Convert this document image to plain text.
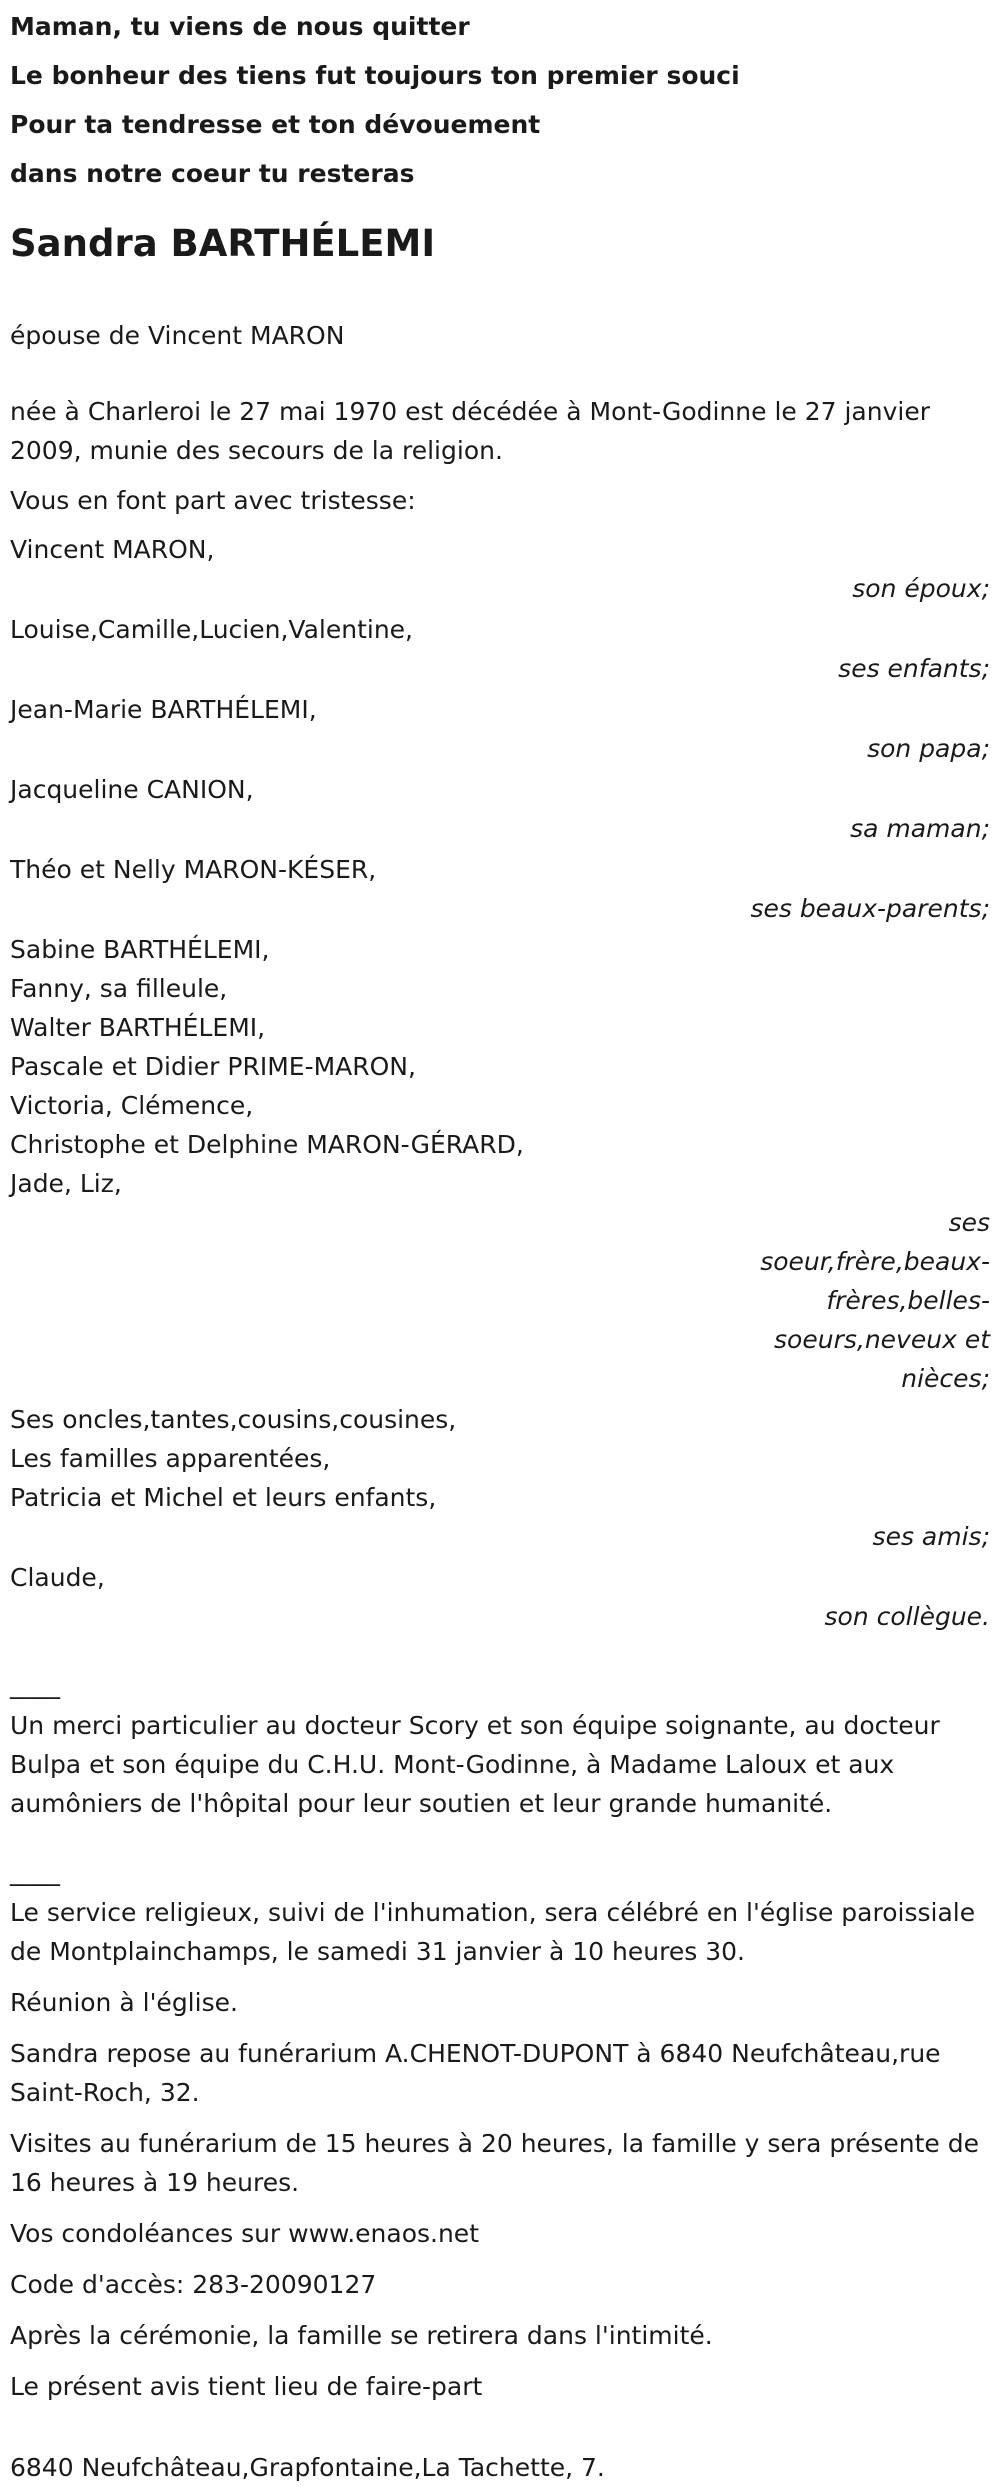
Maman, tu viens de nous quitter

Le bonheur des tiens fut toujours ton premier souci

Pour ta tendresse et ton dévouement

dans notre coeur tu resteras

Sandra BARTHÉLEMI

épouse de Vincent MARON

née à Charleroi le 27 mai 1970 est décédée à Mont-Godinne le 27 janvier 2009, munie des secours de la religion.

Vous en font part avec tristesse:

Vincent MARON,

son époux;

Louise,Camille,Lucien,Valentine,

ses enfants;

Jean-Marie BARTHÉLEMI,

son papa;

Jacqueline CANION,

sa maman;

Théo et Nelly MARON-KÉSER,

ses beaux-parents;

Sabine BARTHÉLEMI,

Fanny, sa filleule,

Walter BARTHÉLEMI,

Pascale et Didier PRIME-MARON,

Victoria, Clémence,

Christophe et Delphine MARON-GÉRARD,

Jade, Liz,

ses soeur,frère,beaux-frères,belles-soeurs,neveux et nièces;

Ses oncles,tantes,cousins,cousines,

Les familles apparentées,

Patricia et Michel et leurs enfants,

ses amis;

Claude,

son collègue.

____

Un merci particulier au docteur Scory et son équipe soignante, au docteur Bulpa et son équipe du C.H.U. Mont-Godinne, à Madame Laloux et aux aumôniers de l'hôpital pour leur soutien et leur grande humanité.

____

Le service religieux, suivi de l'inhumation, sera célébré en l'église paroissiale de Montplainchamps, le samedi 31 janvier à 10 heures 30.

Réunion à l'église.

Sandra repose au funérarium A.CHENOT-DUPONT à 6840 Neufchâteau,rue Saint-Roch, 32.

Visites au funérarium de 15 heures à 20 heures, la famille y sera présente de 16 heures à 19 heures.

Vos condoléances sur www.enaos.net

Code d'accès: 283-20090127

Après la cérémonie, la famille se retirera dans l'intimité.

Le présent avis tient lieu de faire-part

6840 Neufchâteau,Grapfontaine,La Tachette, 7.
